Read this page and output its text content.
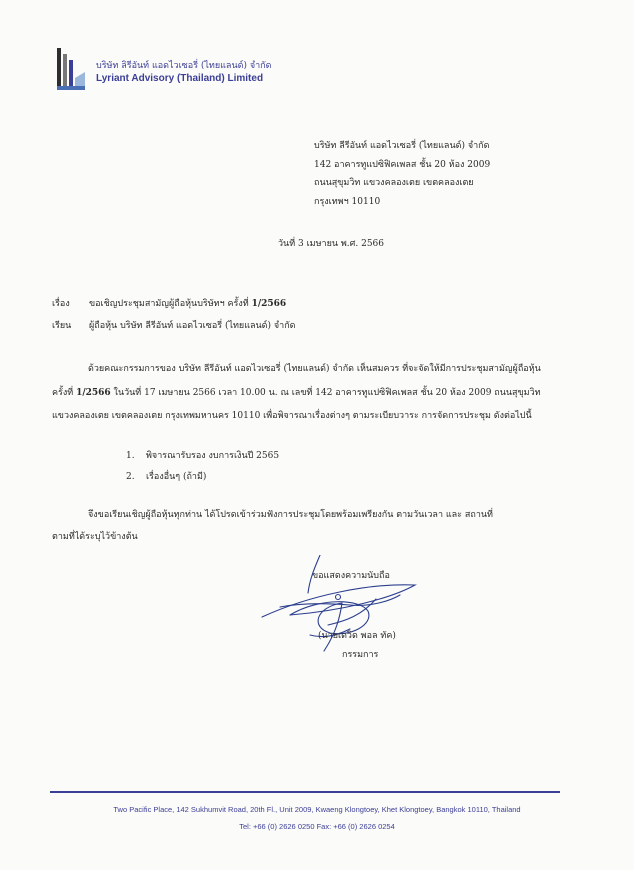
บริษัท ลิรีอันท์ แอดไวเซอรี่ (ไทยแลนด์) จำกัด
Lyriant Advisory (Thailand) Limited
บริษัท ลีรีอันท์ แอดไวเซอรี่ (ไทยแลนด์) จำกัด
142 อาคารทูแปซิฟิคเพลส ชั้น 20 ห้อง 2009
ถนนสุขุมวิท แขวงคลองเตย เขตคลองเตย
กรุงเทพฯ 10110
วันที่ 3 เมษายน พ.ศ. 2566
เรื่อง ขอเชิญประชุมสามัญผู้ถือหุ้นบริษัทฯ ครั้งที่ 1/2566
เรียน ผู้ถือหุ้น บริษัท ลีรีอันท์ แอดไวเซอรี่ (ไทยแลนด์) จำกัด
ด้วยคณะกรรมการของ บริษัท ลีรีอันท์ แอดไวเซอรี่ (ไทยแลนด์) จำกัด เห็นสมควร ที่จะจัดให้มีการประชุมสามัญผู้ถือหุ้น
ครั้งที่ 1/2566 ในวันที่ 17 เมษายน 2566 เวลา 10.00 น. ณ เลขที่ 142 อาคารทูแปซิฟิคเพลส ชั้น 20 ห้อง 2009 ถนนสุขุมวิท
แขวงคลองเตย เขตคลองเตย กรุงเทพมหานคร 10110 เพื่อพิจารณาเรื่องต่างๆ ตามระเบียบวาระ การจัดการประชุม ดังต่อไปนี้
1. พิจารณารับรอง งบการเงินปี 2565
2. เรื่องอื่นๆ (ถ้ามี)
จึงขอเรียนเชิญผู้ถือหุ้นทุกท่าน ได้โปรดเข้าร่วมฟังการประชุมโดยพร้อมเพรียงกัน ตามวันเวลา และ สถานที่
ตามที่ได้ระบุไว้ข้างต้น
ขอแสดงความนับถือ
(นายเดวิด พอล ทัค)
กรรมการ
Two Pacific Place, 142 Sukhumvit Road, 20th Fl., Unit 2009, Kwaeng Klongtoey, Khet Klongtoey, Bangkok 10110, Thailand
Tel: +66 (0) 2626 0250 Fax: +66 (0) 2626 0254
